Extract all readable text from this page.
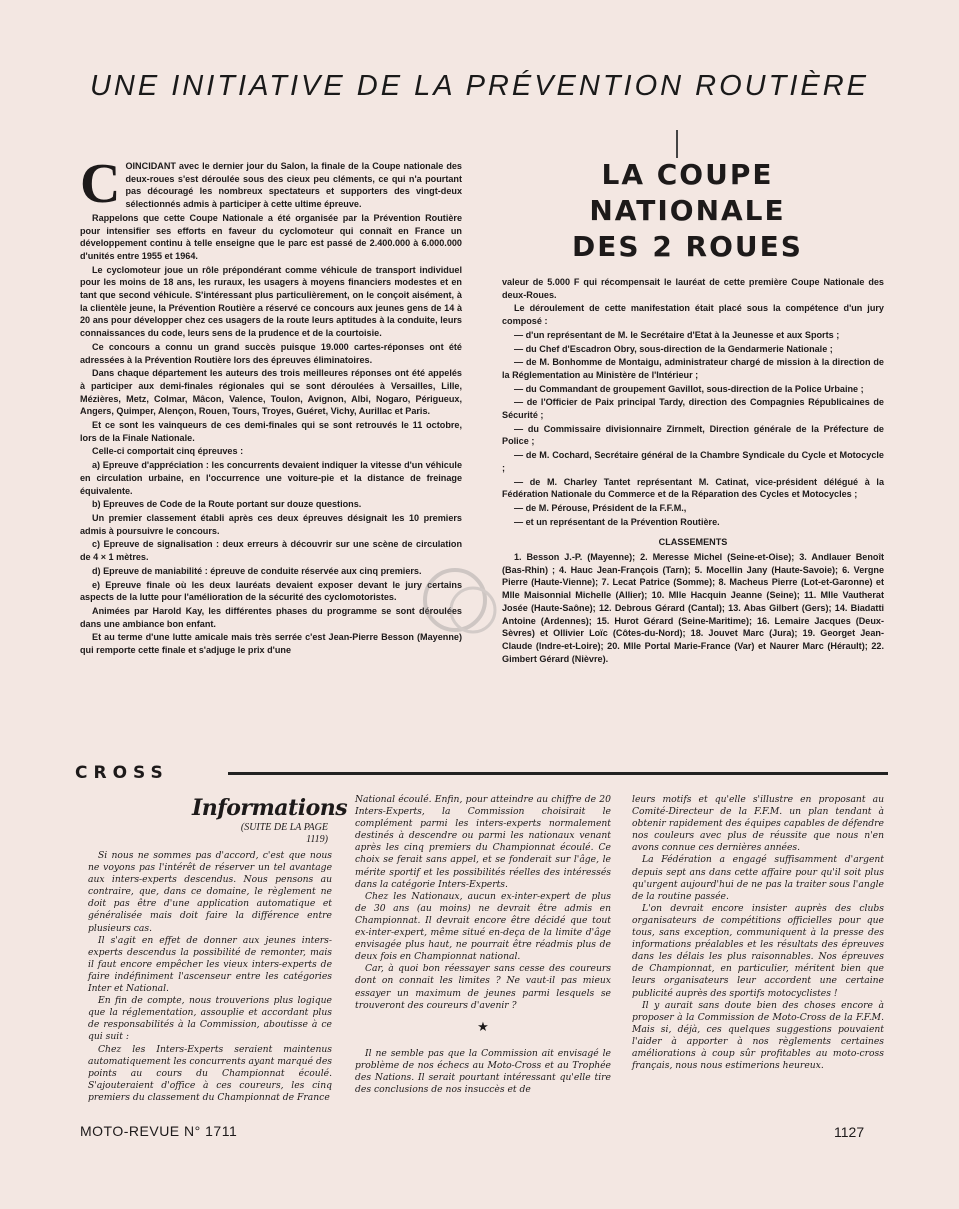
UNE INITIATIVE DE LA PRÉVENTION ROUTIÈRE
LA COUPE
NATIONALE
DES 2 ROUES

COINCIDANT avec le dernier jour du Salon, la finale de la Coupe nationale des deux-roues s'est déroulée sous des cieux peu cléments, ce qui n'a pourtant pas découragé les nombreux spectateurs et supporters des vingt-deux sélectionnés admis à participer à cette ultime épreuve.

Rappelons que cette Coupe Nationale a été organisée par la Prévention Routière pour intensifier ses efforts en faveur du cyclomoteur qui connaît en France un développement continu à telle enseigne que le parc est passé de 2.400.000 à 6.000.000 d'unités entre 1955 et 1964.

Le cyclomoteur joue un rôle prépondérant comme véhicule de transport individuel pour les moins de 18 ans, les ruraux, les usagers à moyens financiers modestes et en tant que second véhicule. S'intéressant plus particulièrement, on le conçoit aisément, à la clientèle jeune, la Prévention Routière a réservé ce concours aux jeunes gens de 14 à 20 ans pour développer chez ces usagers de la route leurs aptitudes à la conduite, leurs connaissances du code, leurs sens de la prudence et de la courtoisie.

Ce concours a connu un grand succès puisque 19.000 cartes-réponses ont été adressées à la Prévention Routière lors des épreuves éliminatoires.

Dans chaque département les auteurs des trois meilleures réponses ont été appelés à participer aux demi-finales régionales qui se sont déroulées à Versailles, Lille, Mézières, Metz, Colmar, Mâcon, Valence, Toulon, Avignon, Albi, Nogaro, Périgueux, Angers, Quimper, Alençon, Rouen, Tours, Troyes, Guéret, Vichy, Aurillac et Paris.

Et ce sont les vainqueurs de ces demi-finales qui se sont retrouvés le 11 octobre, lors de la Finale Nationale.

Celle-ci comportait cinq épreuves :

a) Epreuve d'appréciation : les concurrents devaient indiquer la vitesse d'un véhicule en circulation urbaine, en l'occurrence une voiture-pie et la distance de freinage équivalente.

b) Epreuves de Code de la Route portant sur douze questions.

Un premier classement établi après ces deux épreuves désignait les 10 premiers admis à poursuivre le concours.

c) Epreuve de signalisation : deux erreurs à découvrir sur une scène de circulation de 4 × 1 mètres.

d) Epreuve de maniabilité : épreuve de conduite réservée aux cinq premiers.

e) Epreuve finale où les deux lauréats devaient exposer devant le jury certains aspects de la lutte pour l'amélioration de la sécurité des cyclomotoristes.

Animées par Harold Kay, les différentes phases du programme se sont déroulées dans une ambiance bon enfant.

Et au terme d'une lutte amicale mais très serrée c'est Jean-Pierre Besson (Mayenne) qui remporte cette finale et s'adjuge le prix d'une

valeur de 5.000 F qui récompensait le lauréat de cette première Coupe Nationale des deux-Roues.

Le déroulement de cette manifestation était placé sous la compétence d'un jury composé :

— d'un représentant de M. le Secrétaire d'Etat à la Jeunesse et aux Sports ;

— du Chef d'Escadron Obry, sous-direction de la Gendarmerie Nationale ;

— de M. Bonhomme de Montaigu, administrateur chargé de mission à la direction de la Réglementation au Ministère de l'Intérieur ;

— du Commandant de groupement Gavillot, sous-direction de la Police Urbaine ;

— de l'Officier de Paix principal Tardy, direction des Compagnies Républicaines de Sécurité ;

— du Commissaire divisionnaire Zirnmelt, Direction générale de la Préfecture de Police ;

— de M. Cochard, Secrétaire général de la Chambre Syndicale du Cycle et Motocycle ;

— de M. Charley Tantet représentant M. Catinat, vice-président délégué à la Fédération Nationale du Commerce et de la Réparation des Cycles et Motocycles ;

— de M. Pérouse, Président de la F.F.M.,

— et un représentant de la Prévention Routière.

CLASSEMENTS

1. Besson J.-P. (Mayenne); 2. Meresse Michel (Seine-et-Oise); 3. Andlauer Benoît (Bas-Rhin) ; 4. Hauc Jean-François (Tarn); 5. Mocellin Jany (Haute-Savoie); 6. Vergne Pierre (Haute-Vienne); 7. Lecat Patrice (Somme); 8. Macheus Pierre (Lot-et-Garonne) et Mlle Maisonnial Michelle (Allier); 10. Mlle Hacquin Jeanne (Seine); 11. Mlle Vautherat Josée (Haute-Saône); 12. Debrous Gérard (Cantal); 13. Abas Gilbert (Gers); 14. Biadatti Antoine (Ardennes); 15. Hurot Gérard (Seine-Maritime); 16. Lemaire Jacques (Deux-Sèvres) et Ollivier Loïc (Côtes-du-Nord); 18. Jouvet Marc (Jura); 19. Georget Jean-Claude (Indre-et-Loire); 20. Mlle Portal Marie-France (Var) et Naurer Marc (Hérault); 22. Gimbert Gérard (Nièvre).

CROSS
Informations
(SUITE DE LA PAGE 1119)

Si nous ne sommes pas d'accord, c'est que nous ne voyons pas l'intérêt de réserver un tel avantage aux inters-experts descendus. Nous pensons au contraire, que, dans ce domaine, le règlement ne doit pas être d'une application automatique et généralisée mais doit faire la différence entre plusieurs cas.

Il s'agit en effet de donner aux jeunes inters-experts descendus la possibilité de remonter, mais il faut encore empêcher les vieux inters-experts de faire indéfiniment l'ascenseur entre les catégories Inter et National.

En fin de compte, nous trouverions plus logique que la réglementation, assouplie et accordant plus de responsabilités à la Commission, aboutisse à ce qui suit :

Chez les Inters-Experts seraient maintenus automatiquement les concurrents ayant marqué des points au cours du Championnat écoulé. S'ajouteraient d'office à ces coureurs, les cinq premiers du classement du Championnat de France

National écoulé. Enfin, pour atteindre au chiffre de 20 Inters-Experts, la Commission choisirait le complément parmi les inters-experts normalement destinés à descendre ou parmi les nationaux venant après les cinq premiers du Championnat écoulé. Ce choix se ferait sans appel, et se fonderait sur l'âge, le mérite sportif et les possibilités réelles des intéressés dans la catégorie Inters-Experts.

Chez les Nationaux, aucun ex-inter-expert de plus de 30 ans (au moins) ne devrait être admis en Championnat. Il devrait encore être décidé que tout ex-inter-expert, même situé en-deça de la limite d'âge envisagée plus haut, ne pourrait être réadmis plus de deux fois en Championnat national.

Car, à quoi bon réessayer sans cesse des coureurs dont on connait les limites ? Ne vaut-il pas mieux essayer un maximum de jeunes parmi lesquels se trouveront des coureurs d'avenir ?

★

Il ne semble pas que la Commission ait envisagé le problème de nos échecs au Moto-Cross et au Trophée des Nations. Il serait pourtant intéressant qu'elle tire des conclusions de nos insuccès et de

leurs motifs et qu'elle s'illustre en proposant au Comité-Directeur de la F.F.M. un plan tendant à obtenir rapidement des équipes capables de défendre nos couleurs avec plus de réussite que nous n'en avons connue ces dernières années.

La Fédération a engagé suffisamment d'argent depuis sept ans dans cette affaire pour qu'il soit plus qu'urgent aujourd'hui de ne pas la traiter sous l'angle de la routine passée.

L'on devrait encore insister auprès des clubs organisateurs de compétitions officielles pour que tous, sans exception, communiquent à la presse des informations préalables et les résultats des épreuves dans les délais les plus raisonnables. Nos épreuves de Championnat, en particulier, méritent bien que leurs organisateurs leur accordent une certaine publicité auprès des sportifs motocyclistes !

Il y aurait sans doute bien des choses encore à proposer à la Commission de Moto-Cross de la F.F.M. Mais si, déjà, ces quelques suggestions pouvaient l'aider à apporter à nos règlements certaines améliorations à coup sûr profitables au moto-cross français, nous nous estimerions heureux.

MOTO-REVUE N° 1711	1127
